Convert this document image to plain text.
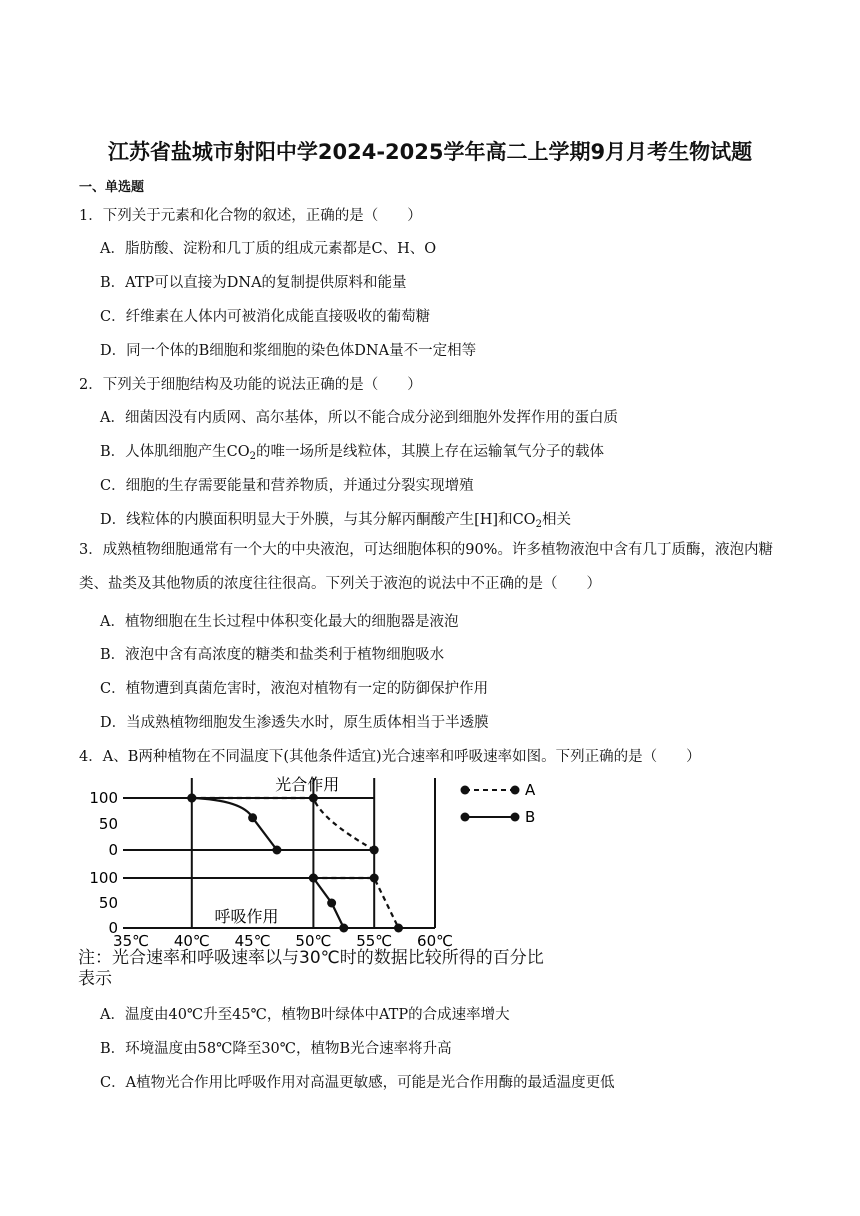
江苏省盐城市射阳中学2024-2025学年高二上学期9月月考生物试题
一、单选题
1．下列关于元素和化合物的叙述，正确的是（　　）
A．脂肪酸、淀粉和几丁质的组成元素都是C、H、O
B．ATP可以直接为DNA的复制提供原料和能量
C．纤维素在人体内可被消化成能直接吸收的葡萄糖
D．同一个体的B细胞和浆细胞的染色体DNA量不一定相等
2．下列关于细胞结构及功能的说法正确的是（　　）
A．细菌因没有内质网、高尔基体，所以不能合成分泌到细胞外发挥作用的蛋白质
B．人体肌细胞产生$CO_2$的唯一场所是线粒体，其膜上存在运输氧气分子的载体
C．细胞的生存需要能量和营养物质，并通过分裂实现增殖
D．线粒体的内膜面积明显大于外膜，与其分解丙酮酸产生[H]和$CO_2$相关
3．成熟植物细胞通常有一个大的中央液泡，可达细胞体积的90%。许多植物液泡中含有几丁质酶，液泡内糖类、盐类及其他物质的浓度往往很高。下列关于液泡的说法中不正确的是（　　）
A．植物细胞在生长过程中体积变化最大的细胞器是液泡
B．液泡中含有高浓度的糖类和盐类利于植物细胞吸水
C．植物遭到真菌危害时，液泡对植物有一定的防御保护作用
D．当成熟植物细胞发生渗透失水时，原生质体相当于半透膜
4．A、B两种植物在不同温度下(其他条件适宜)光合速率和呼吸速率如图。下列正确的是（　　）
100
50
0
光合作用
100
50
0
呼吸作用
35℃ 40℃ 45℃ 50℃ 55℃ 60℃
A
B
注：光合速率和呼吸速率以与30℃时的数据比较所得的百分比表示
A．温度由40℃升至45℃，植物B叶绿体中ATP的合成速率增大
B．环境温度由58℃降至30℃，植物B光合速率将升高
C．A植物光合作用比呼吸作用对高温更敏感，可能是光合作用酶的最适温度更低
